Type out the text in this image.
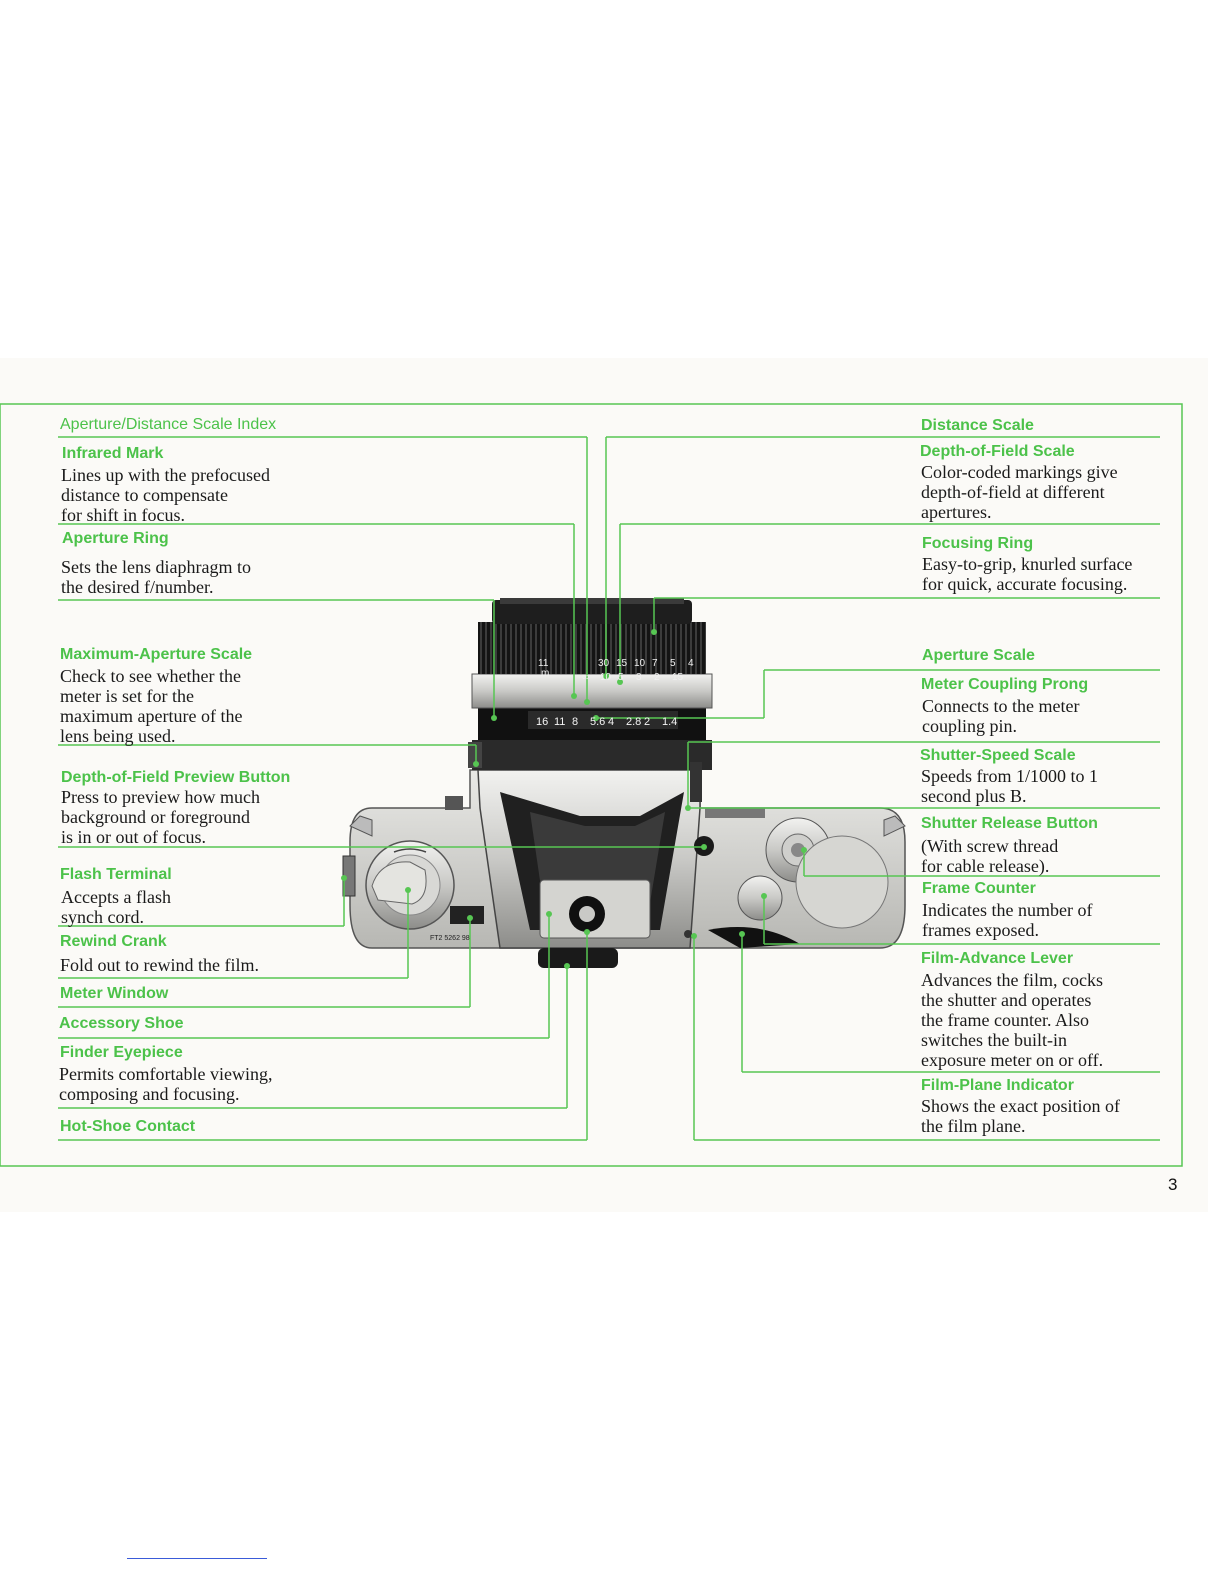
m
11	30 15 10 7 5 4
∞ 10 5 3 2 15
16 11 8 5.6 4 2.8 2 1.4
FT2 5262 98
Aperture/Distance Scale Index
Infrared Mark
Lines up with the prefocused
distance to compensate
for shift in focus.
Aperture Ring
Sets the lens diaphragm to
the desired f/number.
Maximum-Aperture Scale
Check to see whether the
meter is set for the
maximum aperture of the
lens being used.
Depth-of-Field Preview Button
Press to preview how much
background or foreground
is in or out of focus.
Flash Terminal
Accepts a flash
synch cord.
Rewind Crank
Fold out to rewind the film.
Meter Window
Accessory Shoe
Finder Eyepiece
Permits comfortable viewing,
composing and focusing.
Hot-Shoe Contact
Distance Scale
Depth-of-Field Scale
Color-coded markings give
depth-of-field at different
apertures.
Focusing Ring
Easy-to-grip, knurled surface
for quick, accurate focusing.
Aperture Scale
Meter Coupling Prong
Connects to the meter
coupling pin.
Shutter-Speed Scale
Speeds from 1/1000 to 1
second plus B.
Shutter Release Button
(With screw thread
for cable release).
Frame Counter
Indicates the number of
frames exposed.
Film-Advance Lever
Advances the film, cocks
the shutter and operates
the frame counter. Also
switches the built-in
exposure meter on or off.
Film-Plane Indicator
Shows the exact position of
the film plane.
3
